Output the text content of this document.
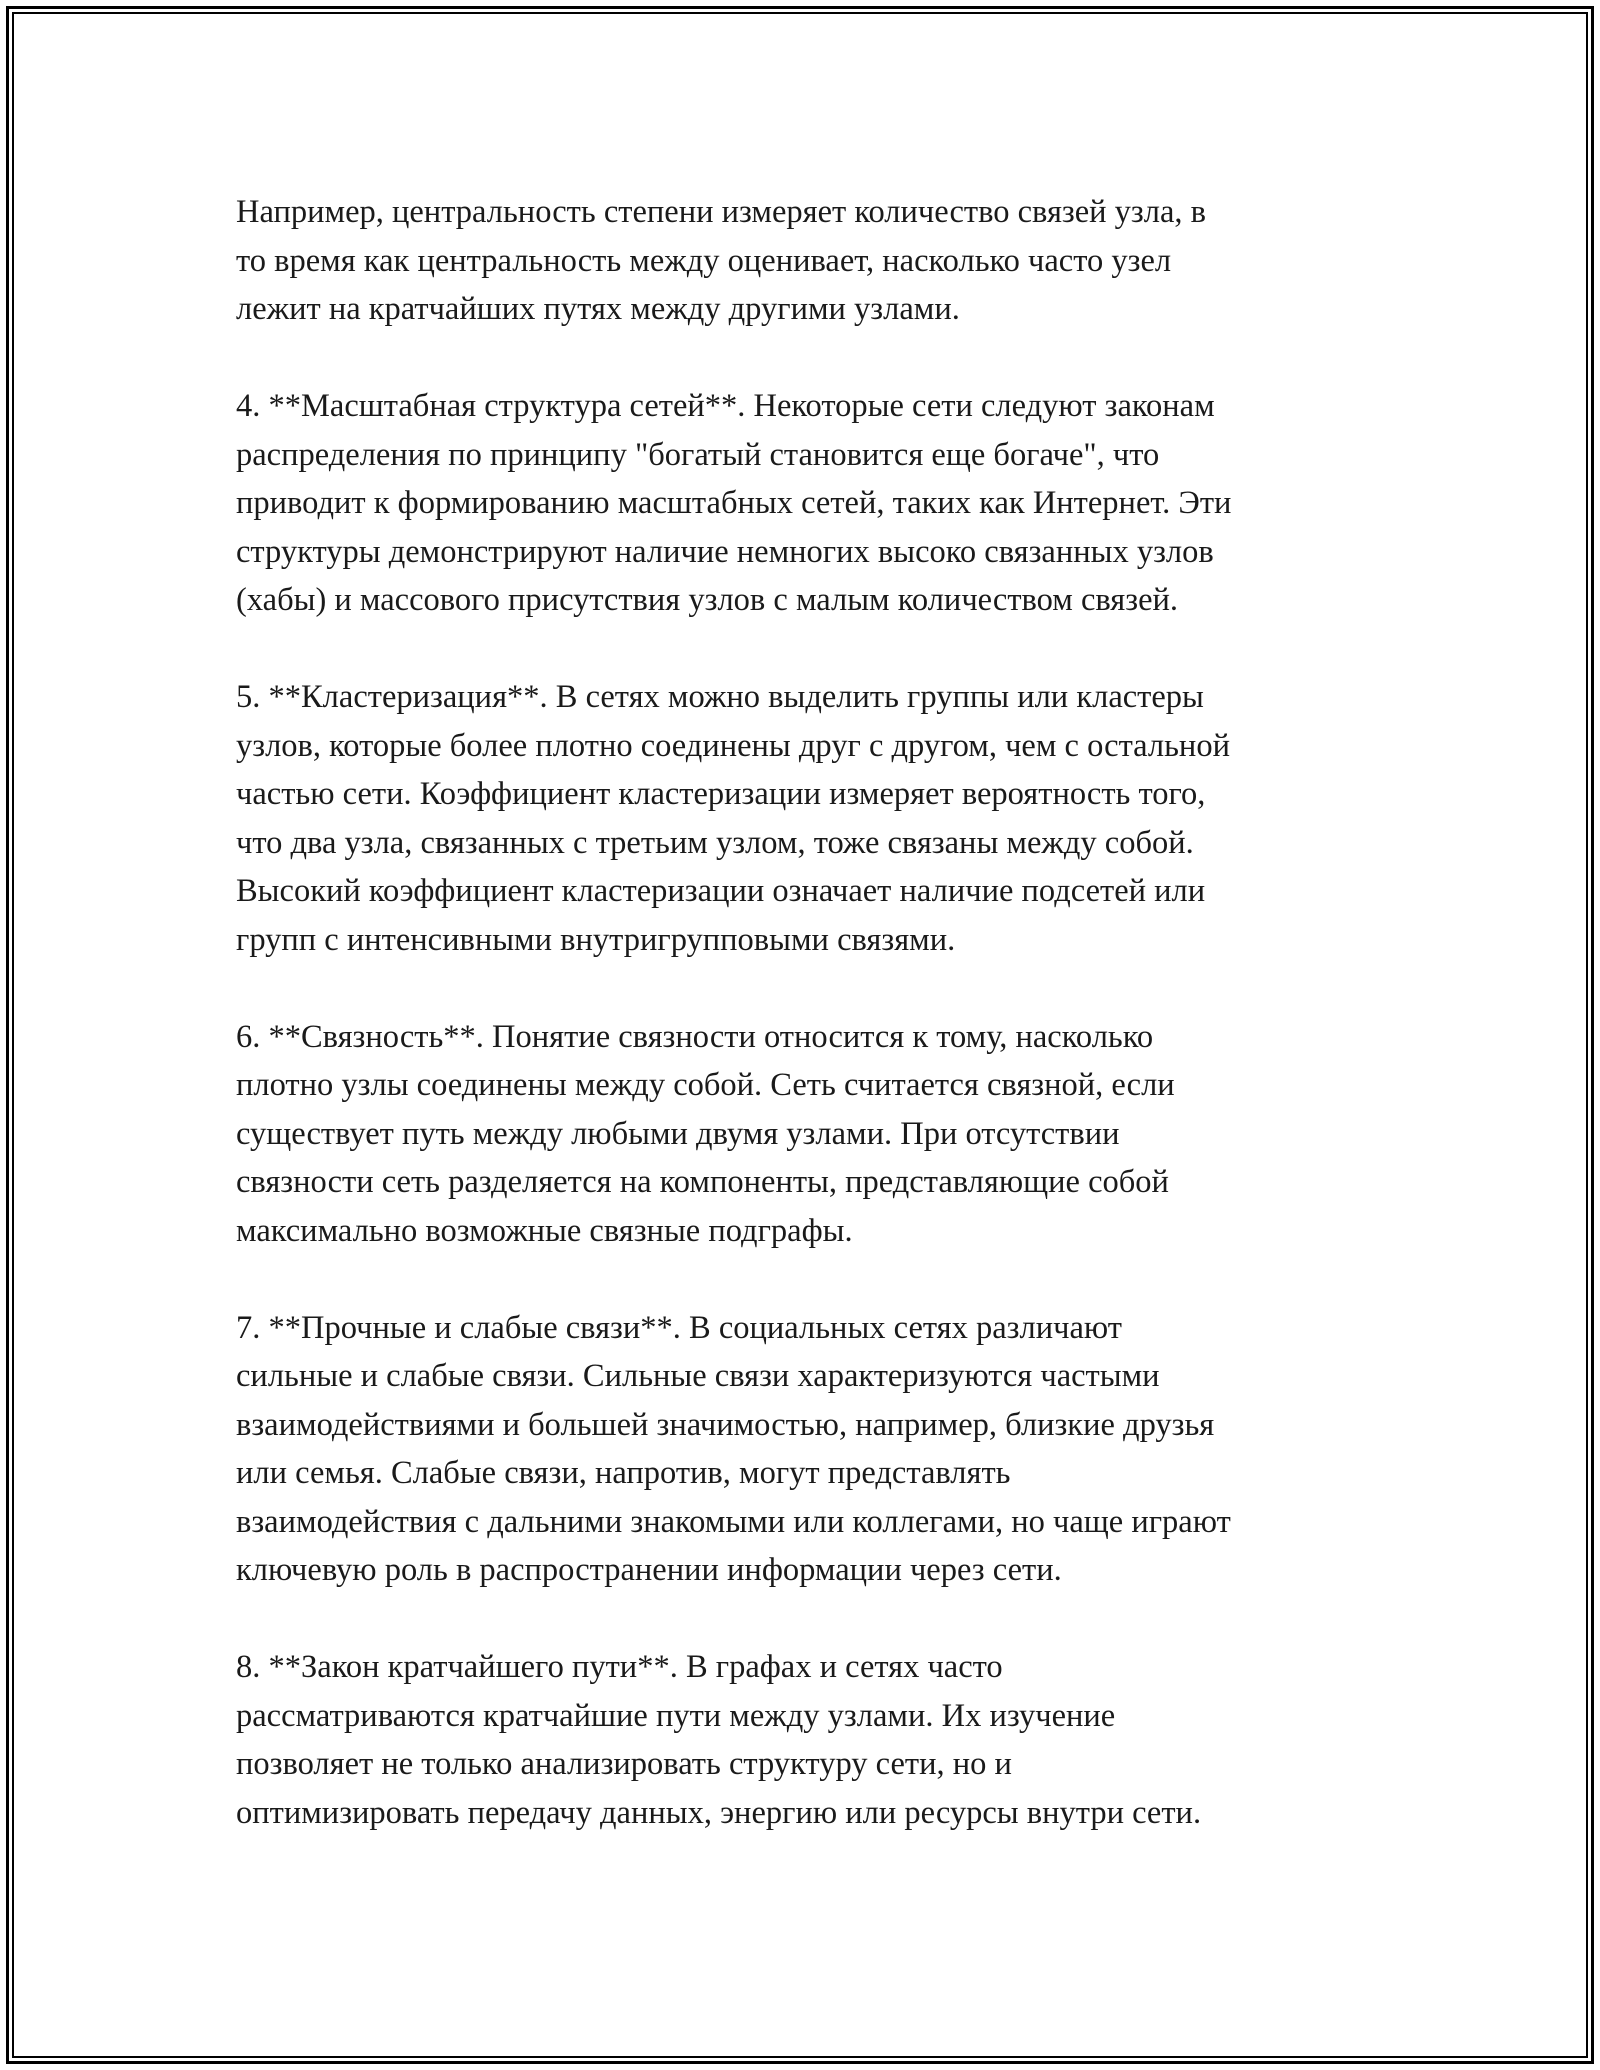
Например, центральность степени измеряет количество связей узла, в
то время как центральность между оценивает, насколько часто узел
лежит на кратчайших путях между другими узлами.

4. **Масштабная структура сетей**. Некоторые сети следуют законам
распределения по принципу "богатый становится еще богаче", что
приводит к формированию масштабных сетей, таких как Интернет. Эти
структуры демонстрируют наличие немногих высоко связанных узлов
(хабы) и массового присутствия узлов с малым количеством связей.

5. **Кластеризация**. В сетях можно выделить группы или кластеры
узлов, которые более плотно соединены друг с другом, чем с остальной
частью сети. Коэффициент кластеризации измеряет вероятность того,
что два узла, связанных с третьим узлом, тоже связаны между собой.
Высокий коэффициент кластеризации означает наличие подсетей или
групп с интенсивными внутригрупповыми связями.

6. **Связность**. Понятие связности относится к тому, насколько
плотно узлы соединены между собой. Сеть считается связной, если
существует путь между любыми двумя узлами. При отсутствии
связности сеть разделяется на компоненты, представляющие собой
максимально возможные связные подграфы.

7. **Прочные и слабые связи**. В социальных сетях различают
сильные и слабые связи. Сильные связи характеризуются частыми
взаимодействиями и большей значимостью, например, близкие друзья
или семья. Слабые связи, напротив, могут представлять
взаимодействия с дальними знакомыми или коллегами, но чаще играют
ключевую роль в распространении информации через сети.

8. **Закон кратчайшего пути**. В графах и сетях часто
рассматриваются кратчайшие пути между узлами. Их изучение
позволяет не только анализировать структуру сети, но и
оптимизировать передачу данных, энергию или ресурсы внутри сети.
